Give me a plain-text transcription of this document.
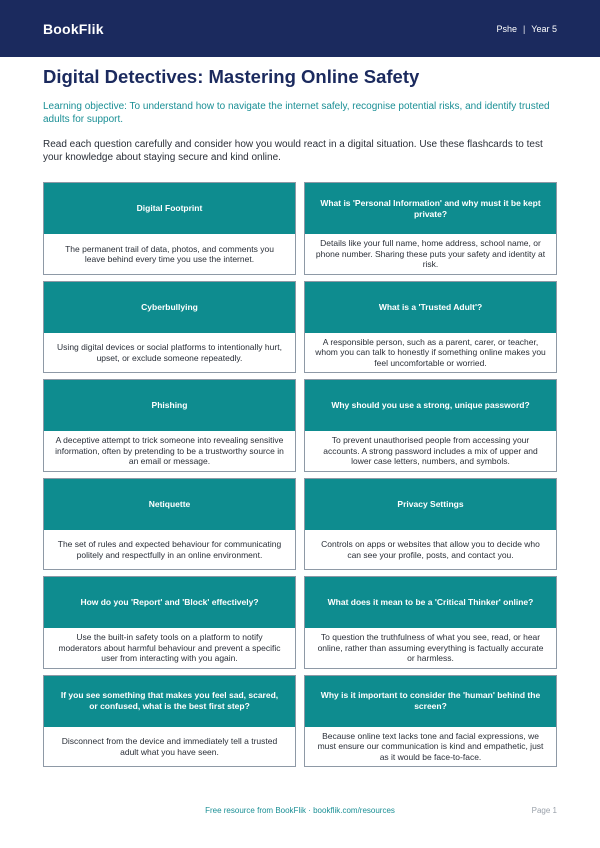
BookFlik	Pshe | Year 5
Digital Detectives: Mastering Online Safety

Learning objective: To understand how to navigate the internet safely, recognise potential risks, and identify trusted adults for support.

Read each question carefully and consider how you would react in a digital situation. Use these flashcards to test your knowledge about staying secure and kind online.

Digital Footprint
The permanent trail of data, photos, and comments you leave behind every time you use the internet.
What is 'Personal Information' and why must it be kept private?
Details like your full name, home address, school name, or phone number. Sharing these puts your safety and identity at risk.
Cyberbullying
Using digital devices or social platforms to intentionally hurt, upset, or exclude someone repeatedly.
What is a 'Trusted Adult'?
A responsible person, such as a parent, carer, or teacher, whom you can talk to honestly if something online makes you feel uncomfortable or worried.
Phishing
A deceptive attempt to trick someone into revealing sensitive information, often by pretending to be a trustworthy source in an email or message.
Why should you use a strong, unique password?
To prevent unauthorised people from accessing your accounts. A strong password includes a mix of upper and lower case letters, numbers, and symbols.
Netiquette
The set of rules and expected behaviour for communicating politely and respectfully in an online environment.
Privacy Settings
Controls on apps or websites that allow you to decide who can see your profile, posts, and contact you.
How do you 'Report' and 'Block' effectively?
Use the built-in safety tools on a platform to notify moderators about harmful behaviour and prevent a specific user from interacting with you again.
What does it mean to be a 'Critical Thinker' online?
To question the truthfulness of what you see, read, or hear online, rather than assuming everything is factually accurate or harmless.
If you see something that makes you feel sad, scared, or confused, what is the best first step?
Disconnect from the device and immediately tell a trusted adult what you have seen.
Why is it important to consider the 'human' behind the screen?
Because online text lacks tone and facial expressions, we must ensure our communication is kind and empathetic, just as it would be face-to-face.
Free resource from BookFlik · bookflik.com/resources	Page 1
